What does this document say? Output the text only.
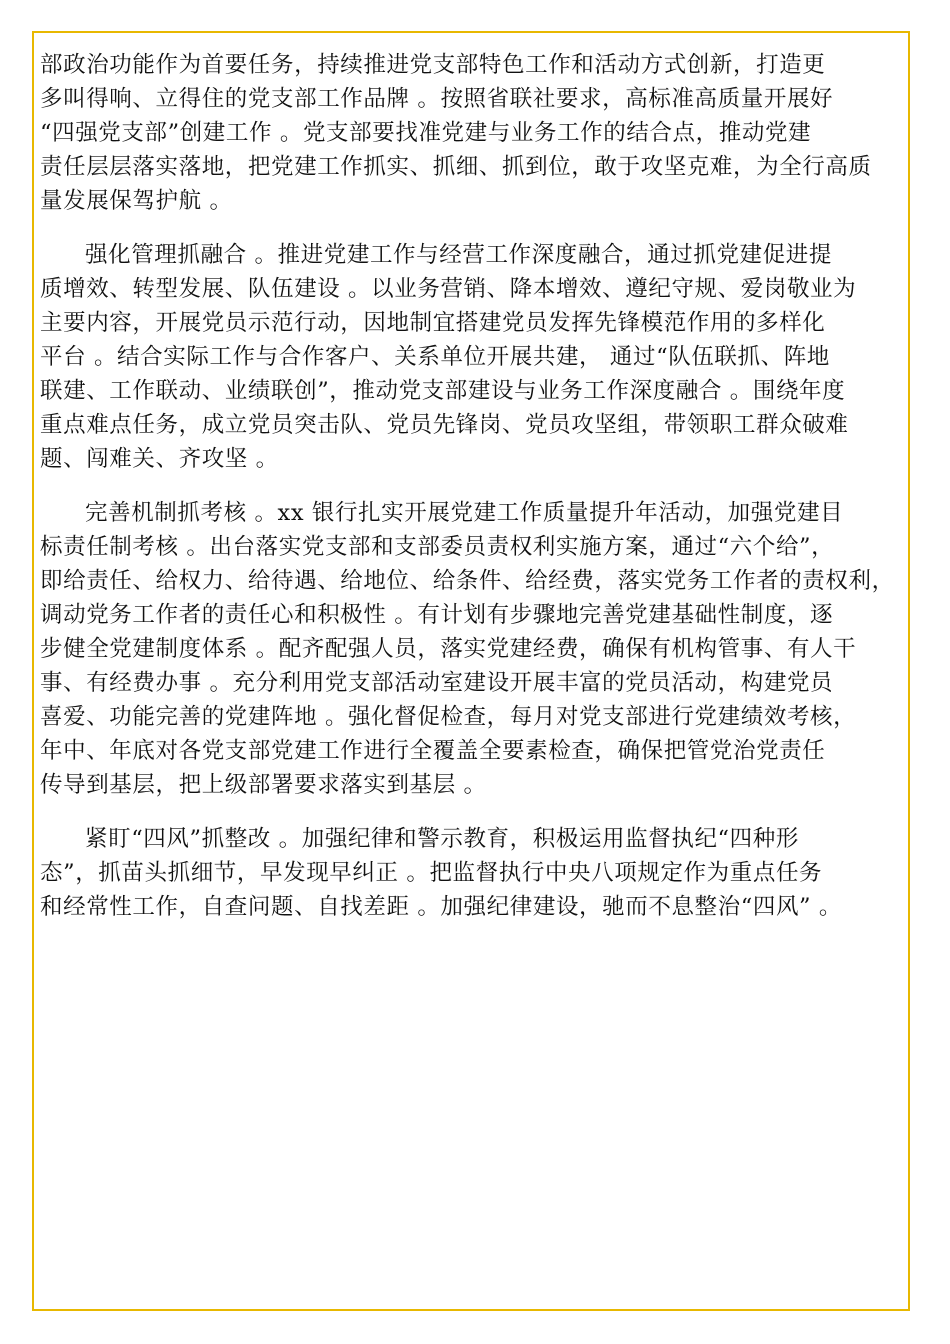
部政治功能作为首要任务，持续推进党支部特色工作和活动方式创新，打造更
多叫得响、立得住的党支部工作品牌 。按照省联社要求，高标准高质量开展好
“四强党支部”创建工作 。党支部要找准党建与业务工作的结合点，推动党建
责任层层落实落地，把党建工作抓实、抓细、抓到位，敢于攻坚克难，为全行高质
量发展保驾护航 。
强化管理抓融合 。推进党建工作与经营工作深度融合，通过抓党建促进提
质增效、转型发展、队伍建设 。以业务营销、降本增效、遵纪守规、爱岗敬业为
主要内容，开展党员示范行动，因地制宜搭建党员发挥先锋模范作用的多样化
平台 。结合实际工作与合作客户、关系单位开展共建， 通过“队伍联抓、阵地
联建、工作联动、业绩联创”，推动党支部建设与业务工作深度融合 。围绕年度
重点难点任务，成立党员突击队、党员先锋岗、党员攻坚组，带领职工群众破难
题、闯难关、齐攻坚 。
完善机制抓考核 。xx 银行扎实开展党建工作质量提升年活动，加强党建目
标责任制考核 。出台落实党支部和支部委员责权利实施方案，通过“六个给”，
即给责任、给权力、给待遇、给地位、给条件、给经费，落实党务工作者的责权利，
调动党务工作者的责任心和积极性 。有计划有步骤地完善党建基础性制度，逐
步健全党建制度体系 。配齐配强人员，落实党建经费，确保有机构管事、有人干
事、有经费办事 。充分利用党支部活动室建设开展丰富的党员活动，构建党员
喜爱、功能完善的党建阵地 。强化督促检查，每月对党支部进行党建绩效考核，
年中、年底对各党支部党建工作进行全覆盖全要素检查，确保把管党治党责任
传导到基层，把上级部署要求落实到基层 。
紧盯“四风”抓整改 。加强纪律和警示教育，积极运用监督执纪“四种形
态”，抓苗头抓细节，早发现早纠正 。把监督执行中央八项规定作为重点任务
和经常性工作，自查问题、自找差距 。加强纪律建设，驰而不息整治“四风” 。
